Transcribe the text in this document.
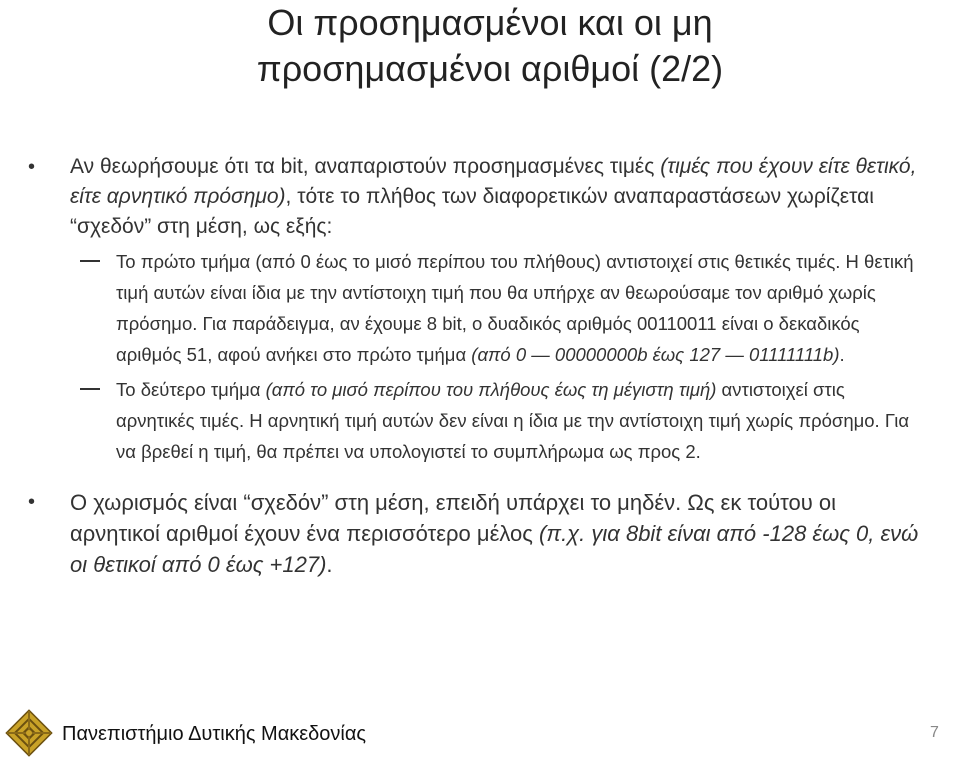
Οι προσημασμένοι και οι μη
προσημασμένοι αριθμοί (2/2)
• Αν θεωρήσουμε ότι τα bit, αναπαριστούν προσημασμένες τιμές (τιμές που έχουν είτε θετικό, είτε αρνητικό πρόσημο), τότε το πλήθος των διαφορετικών αναπαραστάσεων χωρίζεται “σχεδόν” στη μέση, ως εξής:
Το πρώτο τμήμα (από 0 έως το μισό περίπου του πλήθους) αντιστοιχεί στις θετικές τιμές. Η θετική τιμή αυτών είναι ίδια με την αντίστοιχη τιμή που θα υπήρχε αν θεωρούσαμε τον αριθμό χωρίς πρόσημο. Για παράδειγμα, αν έχουμε 8 bit, ο δυαδικός αριθμός 00110011 είναι ο δεκαδικός αριθμός 51, αφού ανήκει στο πρώτο τμήμα (από 0 — 00000000b έως 127 — 01111111b).
Το δεύτερο τμήμα (από το μισό περίπου του πλήθους έως τη μέγιστη τιμή) αντιστοιχεί στις αρνητικές τιμές. Η αρνητική τιμή αυτών δεν είναι η ίδια με την αντίστοιχη τιμή χωρίς πρόσημο. Για να βρεθεί η τιμή, θα πρέπει να υπολογιστεί το συμπλήρωμα ως προς 2.
• Ο χωρισμός είναι “σχεδόν” στη μέση, επειδή υπάρχει το μηδέν. Ως εκ τούτου οι αρνητικοί αριθμοί έχουν ένα περισσότερο μέλος (π.χ. για 8bit είναι από -128 έως 0, ενώ οι θετικοί από 0 έως +127).
Πανεπιστήμιο Δυτικής Μακεδονίας	7
